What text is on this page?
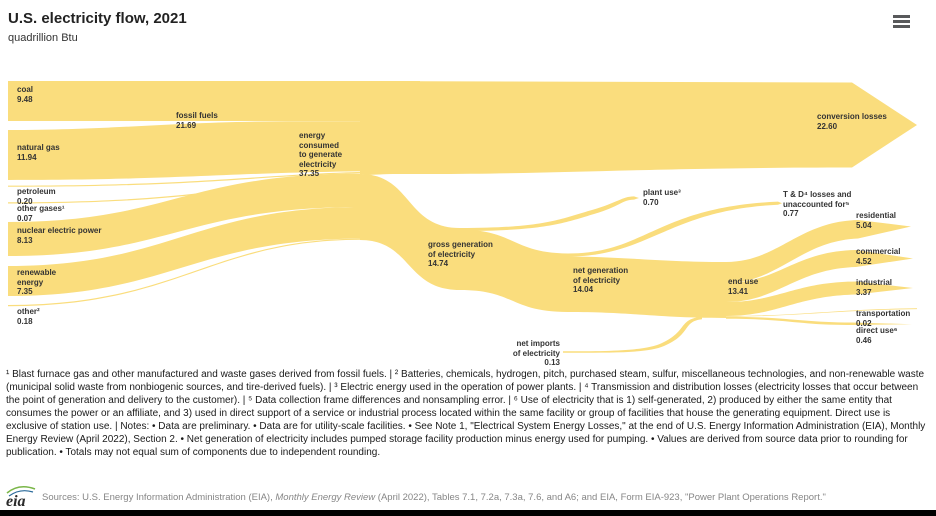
U.S. electricity flow, 2021
quadrillion Btu
coal
9.48
natural gas
11.94
petroleum
0.20
other gases¹
0.07
nuclear electric power
8.13
renewable
energy
7.35
other²
0.18
fossil fuels
21.69
energy
consumed
to generate
electricity
37.35
conversion losses
22.60
gross generation
of electricity
14.74
plant use³
0.70
net generation
of electricity
14.04
T & D⁴ losses and
unaccounted for⁵
0.77
end use
13.41
net imports
of electricity
0.13
residential
5.04
commercial
4.52
industrial
3.37
transportation
0.02
direct use⁶
0.46
¹ Blast furnace gas and other manufactured and waste gases derived from fossil fuels. | ² Batteries, chemicals, hydrogen, pitch, purchased steam, sulfur, miscellaneous technologies, and non-renewable waste (municipal solid waste from nonbiogenic sources, and tire-derived fuels). | ³ Electric energy used in the operation of power plants. | ⁴ Transmission and distribution losses (electricity losses that occur between the point of generation and delivery to the customer). | ⁵ Data collection frame differences and nonsampling error. | ⁶ Use of electricity that is 1) self-generated, 2) produced by either the same entity that consumes the power or an affiliate, and 3) used in direct support of a service or industrial process located within the same facility or group of facilities that house the generating equipment. Direct use is exclusive of station use. | Notes: • Data are preliminary. • Data are for utility-scale facilities. • See Note 1, "Electrical System Energy Losses," at the end of U.S. Energy Information Administration (EIA), Monthly Energy Review (April 2022), Section 2. • Net generation of electricity includes pumped storage facility production minus energy used for pumping. • Values are derived from source data prior to rounding for publication. • Totals may not equal sum of components due to independent rounding.
eia Sources: U.S. Energy Information Administration (EIA), Monthly Energy Review (April 2022), Tables 7.1, 7.2a, 7.3a, 7.6, and A6; and EIA, Form EIA-923, "Power Plant Operations Report."
